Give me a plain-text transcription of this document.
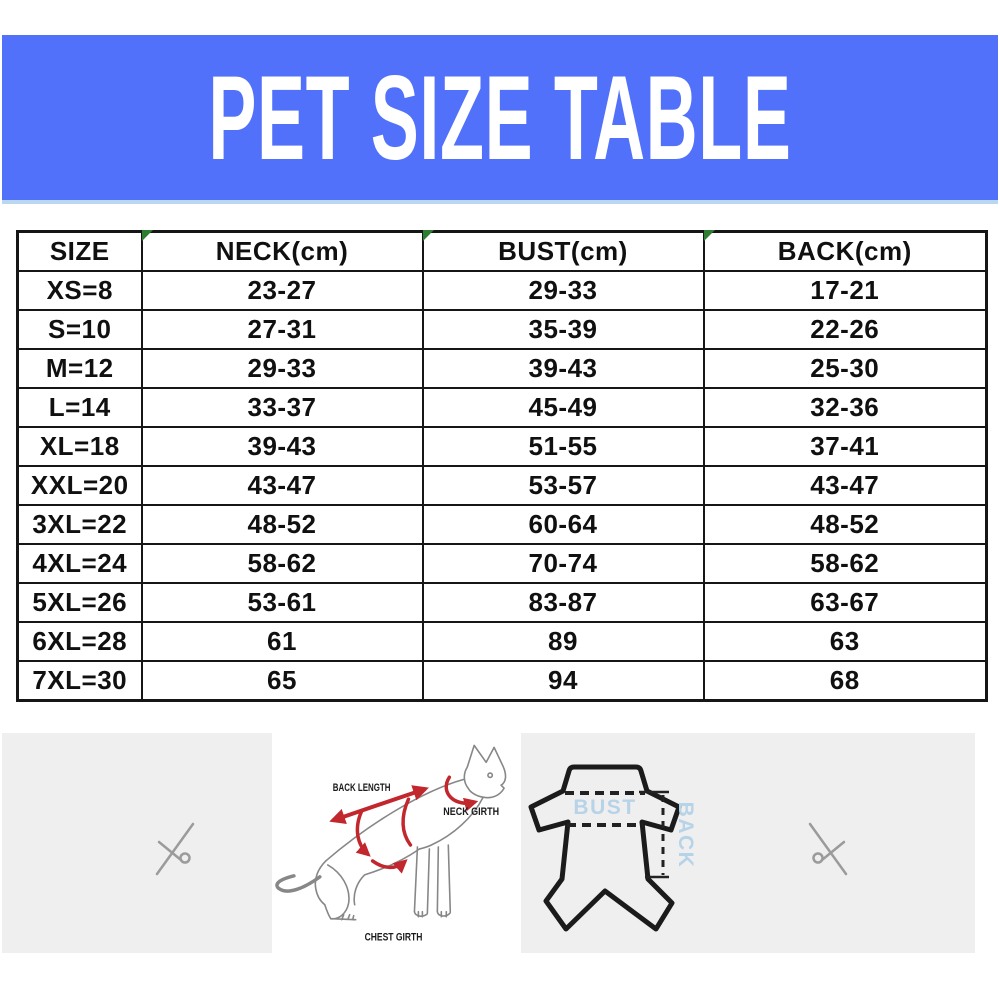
PET SIZE TABLE
SIZE	NECK(cm)	BUST(cm)	BACK(cm)
XS=8	23-27	29-33	17-21
S=10	27-31	35-39	22-26
M=12	29-33	39-43	25-30
L=14	33-37	45-49	32-36
XL=18	39-43	51-55	37-41
XXL=20	43-47	53-57	43-47
3XL=22	48-52	60-64	48-52
4XL=24	58-62	70-74	58-62
5XL=26	53-61	83-87	63-67
6XL=28	61	89	63
7XL=30	65	94	68
BACK LENGTH
NECK GIRTH
CHEST GIRTH
BUST BACK
